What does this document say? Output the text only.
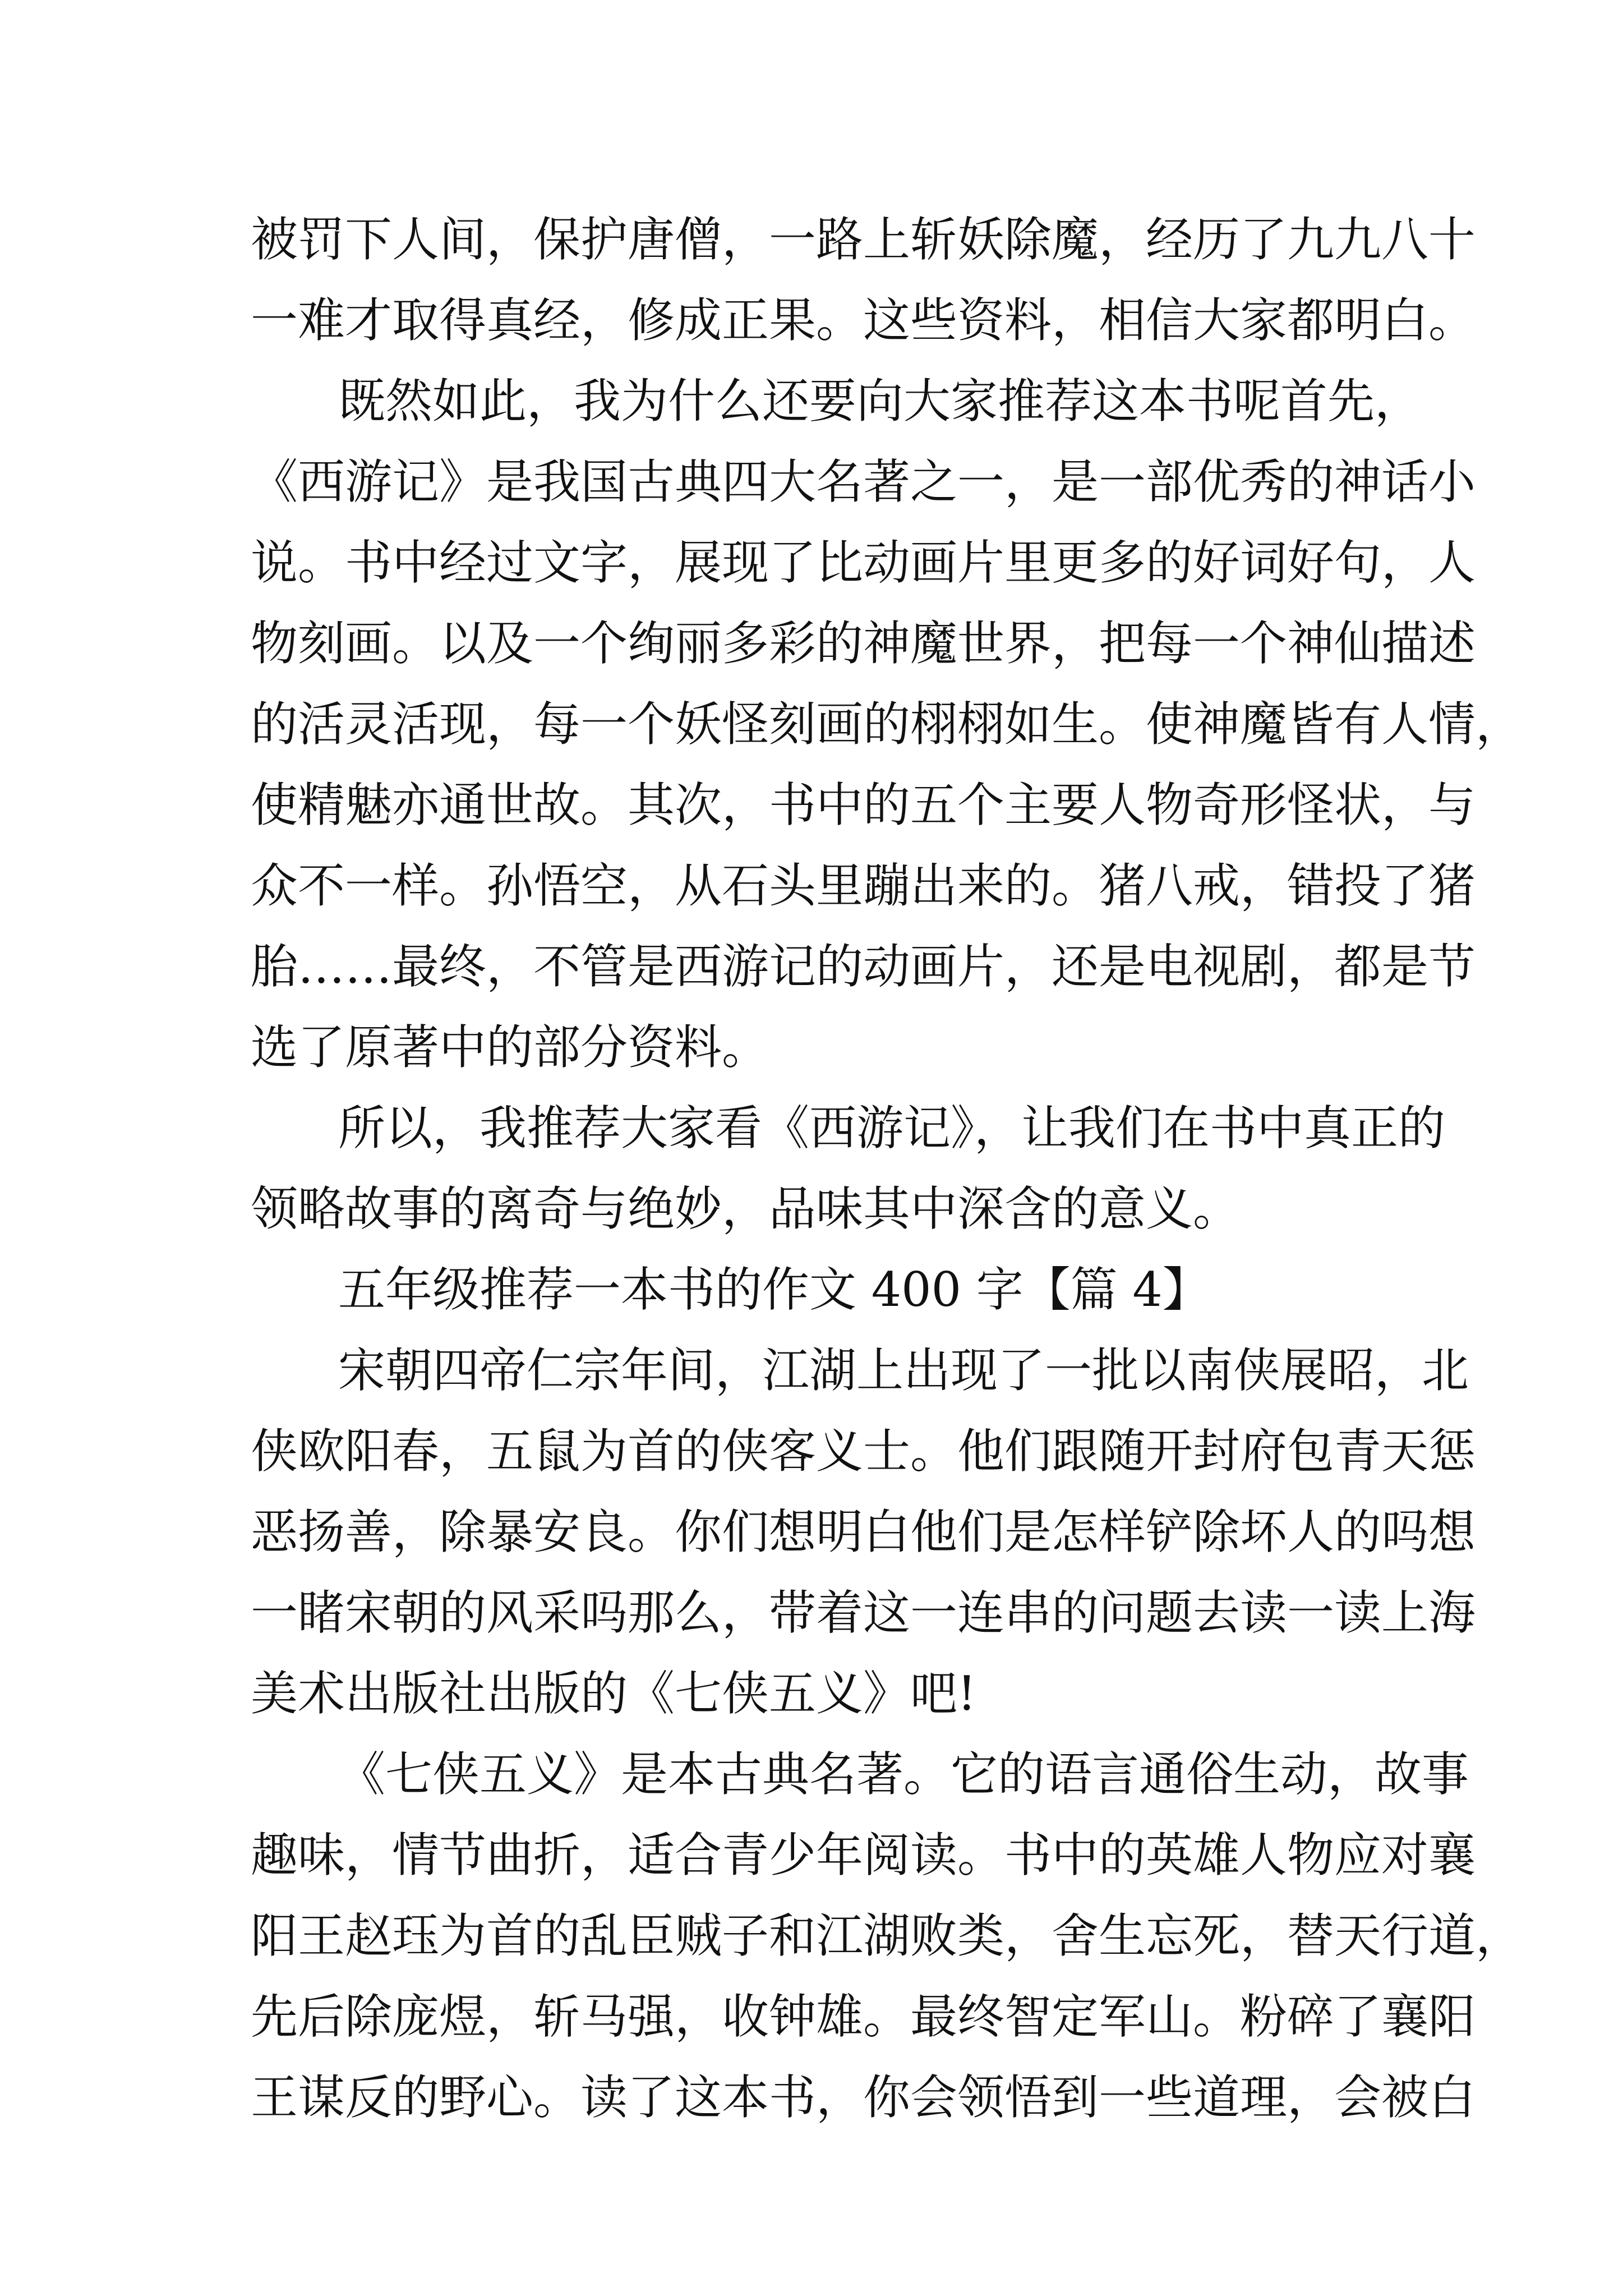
被罚下人间，保护唐僧，一路上斩妖除魔，经历了九九八十
一难才取得真经，修成正果。这些资料，相信大家都明白。
既然如此，我为什么还要向大家推荐这本书呢首先，
《西游记》是我国古典四大名著之一，是一部优秀的神话小
说。书中经过文字，展现了比动画片里更多的好词好句，人
物刻画。以及一个绚丽多彩的神魔世界，把每一个神仙描述
的活灵活现，每一个妖怪刻画的栩栩如生。使神魔皆有人情，
使精魅亦通世故。其次，书中的五个主要人物奇形怪状，与
众不一样。孙悟空，从石头里蹦出来的。猪八戒，错投了猪
胎……最终，不管是西游记的动画片，还是电视剧，都是节
选了原著中的部分资料。
所以，我推荐大家看《西游记》，让我们在书中真正的
领略故事的离奇与绝妙，品味其中深含的意义。
五年级推荐一本书的作文 400 字【篇 4】
宋朝四帝仁宗年间，江湖上出现了一批以南侠展昭，北
侠欧阳春，五鼠为首的侠客义士。他们跟随开封府包青天惩
恶扬善，除暴安良。你们想明白他们是怎样铲除坏人的吗想
一睹宋朝的风采吗那么，带着这一连串的问题去读一读上海
美术出版社出版的《七侠五义》吧!
《七侠五义》是本古典名著。它的语言通俗生动，故事
趣味，情节曲折，适合青少年阅读。书中的英雄人物应对襄
阳王赵珏为首的乱臣贼子和江湖败类，舍生忘死，替天行道，
先后除庞煜，斩马强，收钟雄。最终智定军山。粉碎了襄阳
王谋反的野心。读了这本书，你会领悟到一些道理，会被白
